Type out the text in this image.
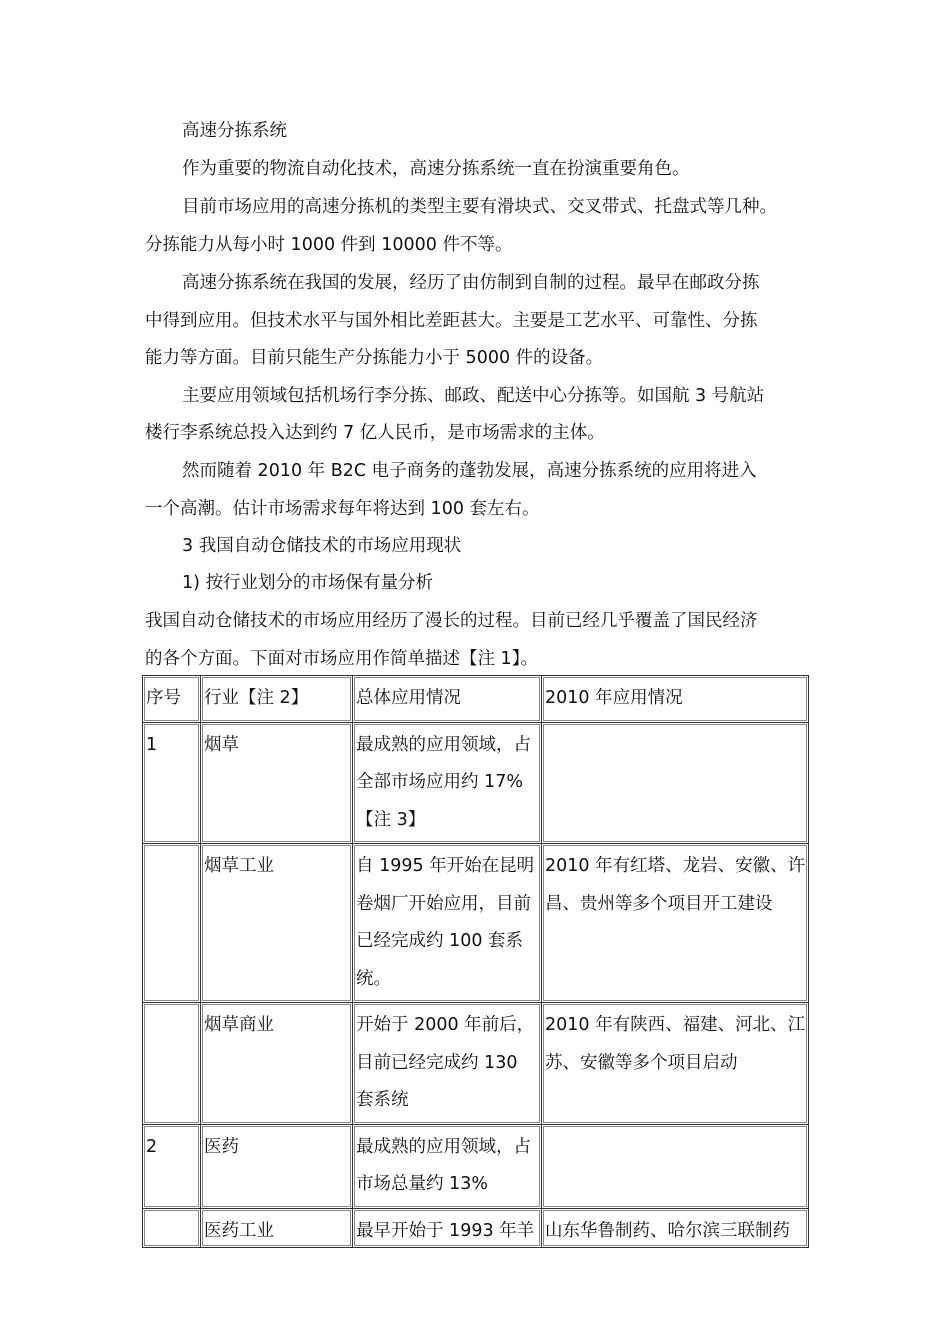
高速分拣系统
作为重要的物流自动化技术，高速分拣系统一直在扮演重要角色。
目前市场应用的高速分拣机的类型主要有滑块式、交叉带式、托盘式等几种。
分拣能力从每小时 1000 件到 10000 件不等。
高速分拣系统在我国的发展，经历了由仿制到自制的过程。最早在邮政分拣
中得到应用。但技术水平与国外相比差距甚大。主要是工艺水平、可靠性、分拣
能力等方面。目前只能生产分拣能力小于 5000 件的设备。
主要应用领域包括机场行李分拣、邮政、配送中心分拣等。如国航 3 号航站
楼行李系统总投入达到约 7 亿人民币，是市场需求的主体。
然而随着 2010 年 B2C 电子商务的蓬勃发展，高速分拣系统的应用将进入
一个高潮。估计市场需求每年将达到 100 套左右。
3 我国自动仓储技术的市场应用现状
1) 按行业划分的市场保有量分析
我国自动仓储技术的市场应用经历了漫长的过程。目前已经几乎覆盖了国民经济
的各个方面。下面对市场应用作简单描述【注 1】。
序号	行业【注 2】	总体应用情况	2010 年应用情况
1	烟草	最成熟的应用领域，占全部市场应用约 17%【注 3】	
	烟草工业	自 1995 年开始在昆明卷烟厂开始应用，目前已经完成约 100 套系统。	2010 年有红塔、龙岩、安徽、许昌、贵州等多个项目开工建设
	烟草商业	开始于 2000 年前后，目前已经完成约 130 套系统	2010 年有陕西、福建、河北、江苏、安徽等多个项目启动
2	医药	最成熟的应用领域，占市场总量约 13%	

	医药工业	最早开始于 1993 年羊	山东华鲁制药、哈尔滨三联制药
